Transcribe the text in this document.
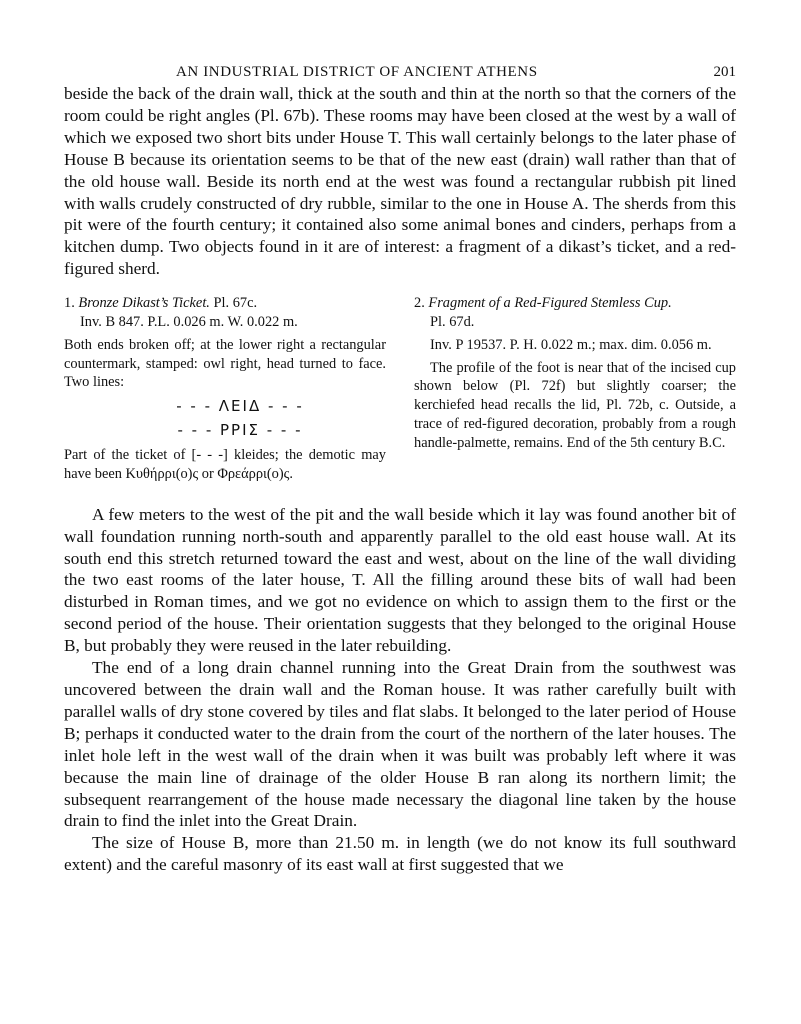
AN INDUSTRIAL DISTRICT OF ANCIENT ATHENS	201

beside the back of the drain wall, thick at the south and thin at the north so that the corners of the room could be right angles (Pl. 67b). These rooms may have been closed at the west by a wall of which we exposed two short bits under House T. This wall certainly belongs to the later phase of House B because its orientation seems to be that of the new east (drain) wall rather than that of the old house wall. Beside its north end at the west was found a rectangular rubbish pit lined with walls crudely constructed of dry rubble, similar to the one in House A. The sherds from this pit were of the fourth century; it contained also some animal bones and cinders, perhaps from a kitchen dump. Two objects found in it are of interest: a fragment of a dikast’s ticket, and a red-figured sherd.

1. Bronze Dikast’s Ticket. Pl. 67c.

Inv. B 847. P.L. 0.026 m. W. 0.022 m.

Both ends broken off; at the lower right a rectangular countermark, stamped: owl right, head turned to face. Two lines:

- - - ΛΕΙΔ - - -
- - - ΡΡΙΣ - - -

Part of the ticket of [- - -] kleides; the demotic may have been Κυθήρρι(ο)ς or Φρεάρρι(ο)ς.

2. Fragment of a Red-Figured Stemless Cup.

Pl. 67d.

Inv. P 19537. P. H. 0.022 m.; max. dim. 0.056 m.

The profile of the foot is near that of the incised cup shown below (Pl. 72f) but slightly coarser; the kerchiefed head recalls the lid, Pl. 72b, c. Outside, a trace of red-figured decoration, probably from a rough handle-palmette, remains. End of the 5th century B.C.

A few meters to the west of the pit and the wall beside which it lay was found another bit of wall foundation running north-south and apparently parallel to the old east house wall. At its south end this stretch returned toward the east and west, about on the line of the wall dividing the two east rooms of the later house, T. All the filling around these bits of wall had been disturbed in Roman times, and we got no evidence on which to assign them to the first or the second period of the house. Their orientation suggests that they belonged to the original House B, but probably they were reused in the later rebuilding.

The end of a long drain channel running into the Great Drain from the southwest was uncovered between the drain wall and the Roman house. It was rather carefully built with parallel walls of dry stone covered by tiles and flat slabs. It belonged to the later period of House B; perhaps it conducted water to the drain from the court of the northern of the later houses. The inlet hole left in the west wall of the drain when it was built was probably left where it was because the main line of drainage of the older House B ran along its northern limit; the subsequent rearrangement of the house made necessary the diagonal line taken by the house drain to find the inlet into the Great Drain.

The size of House B, more than 21.50 m. in length (we do not know its full southward extent) and the careful masonry of its east wall at first suggested that we
